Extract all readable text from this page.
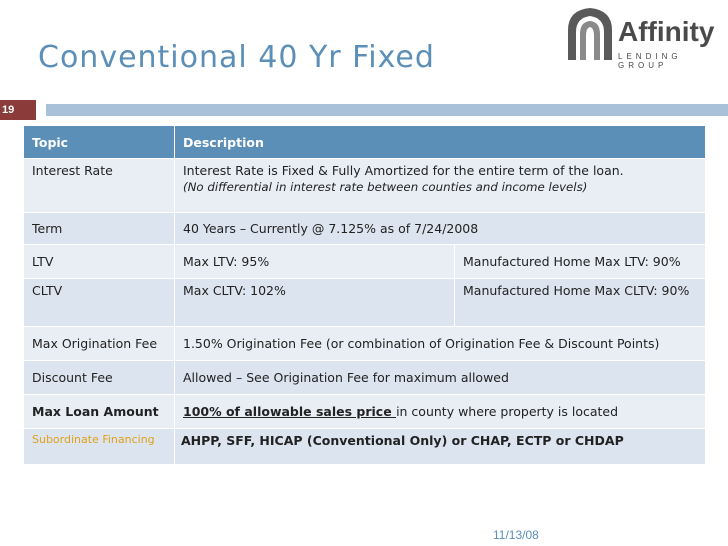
Conventional 40 Yr Fixed
Affinity
LENDING GROUP
19
Topic	Description	
Interest Rate	Interest Rate is Fixed & Fully Amortized for the entire term of the loan.
(No differential in interest rate between counties and income levels)	

Term	40 Years – Currently @ 7.125% as of 7/24/2008	
LTV	Max LTV: 95%	Manufactured Home Max LTV: 90%
CLTV	Max CLTV: 102%	Manufactured Home Max CLTV: 90%
Max Origination Fee	1.50% Origination Fee (or combination of Origination Fee & Discount Points)	
Discount Fee	Allowed – See Origination Fee for maximum allowed	
Max Loan Amount	100% of allowable sales price in county where property is located	
Subordinate Financing	AHPP, SFF, HICAP (Conventional Only) or CHAP, ECTP or CHDAP	
11/13/08
